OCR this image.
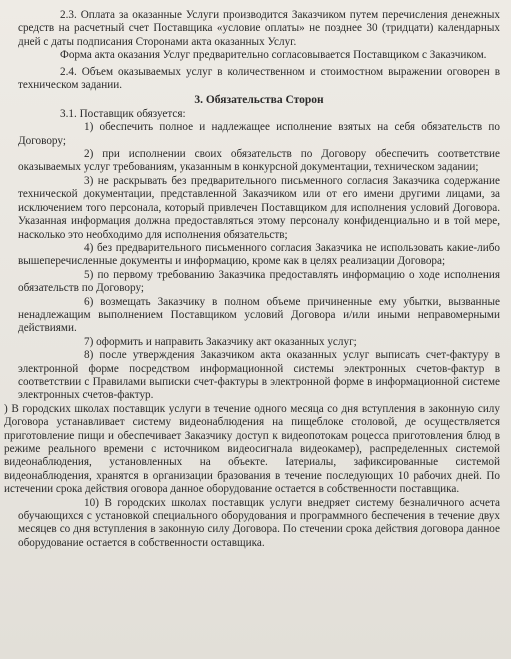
2.3. Оплата за оказанные Услуги производится Заказчиком путем перечисления денежных средств на расчетный счет Поставщика «условие оплаты» не позднее 30 (тридцати) календарных дней с даты подписания Сторонами акта оказанных Услуг.

Форма акта оказания Услуг предварительно согласовывается Поставщиком с Заказчиком.

2.4. Объем оказываемых услуг в количественном и стоимостном выражении оговорен в техническом задании.

3. Обязательства Сторон

3.1. Поставщик обязуется:

1) обеспечить полное и надлежащее исполнение взятых на себя обязательств по Договору;

2) при исполнении своих обязательств по Договору обеспечить соответствие оказываемых услуг требованиям, указанным в конкурсной документации, техническом задании;

3) не раскрывать без предварительного письменного согласия Заказчика содержание технической документации, представленной Заказчиком или от его имени другими лицами, за исключением того персонала, который привлечен Поставщиком для исполнения условий Договора. Указанная информация должна предоставляться этому персоналу конфиденциально и в той мере, насколько это необходимо для исполнения обязательств;

4) без предварительного письменного согласия Заказчика не использовать какие-либо вышеперечисленные документы и информацию, кроме как в целях реализации Договора;

5) по первому требованию Заказчика предоставлять информацию о ходе исполнения обязательств по Договору;

6) возмещать Заказчику в полном объеме причиненные ему убытки, вызванные ненадлежащим выполнением Поставщиком условий Договора и/или иными неправомерными действиями.

7) оформить и направить Заказчику акт оказанных услуг;

8) после утверждения Заказчиком акта оказанных услуг выписать счет-фактуру в электронной форме посредством информационной системы электронных счетов-фактур в соответствии с Правилами выписки счет-фактуры в электронной форме в информационной системе электронных счетов-фактур.

) В городских школах поставщик услуги в течение одного месяца со дня вступления в законную силу Договора устанавливает систему видеонаблюдения на пищеблоке столовой, де осуществляется приготовление пищи и обеспечивает Заказчику доступ к видеопотокам роцесса приготовления блюд в режиме реального времени с источником видеосигнала видеокамер), распределенных системой видеонаблюдения, установленных на объекте. Iатериалы, зафиксированные системой видеонаблюдения, хранятся в организации бразования в течение последующих 10 рабочих дней. По истечении срока действия оговора данное оборудование остается в собственности поставщика.

10) В городских школах поставщик услуги внедряет систему безналичного асчета обучающихся с установкой специального оборудования и программного беспечения в течение двух месяцев со дня вступления в законную силу Договора. По стечении срока действия договора данное оборудование остается в собственности оставщика.
